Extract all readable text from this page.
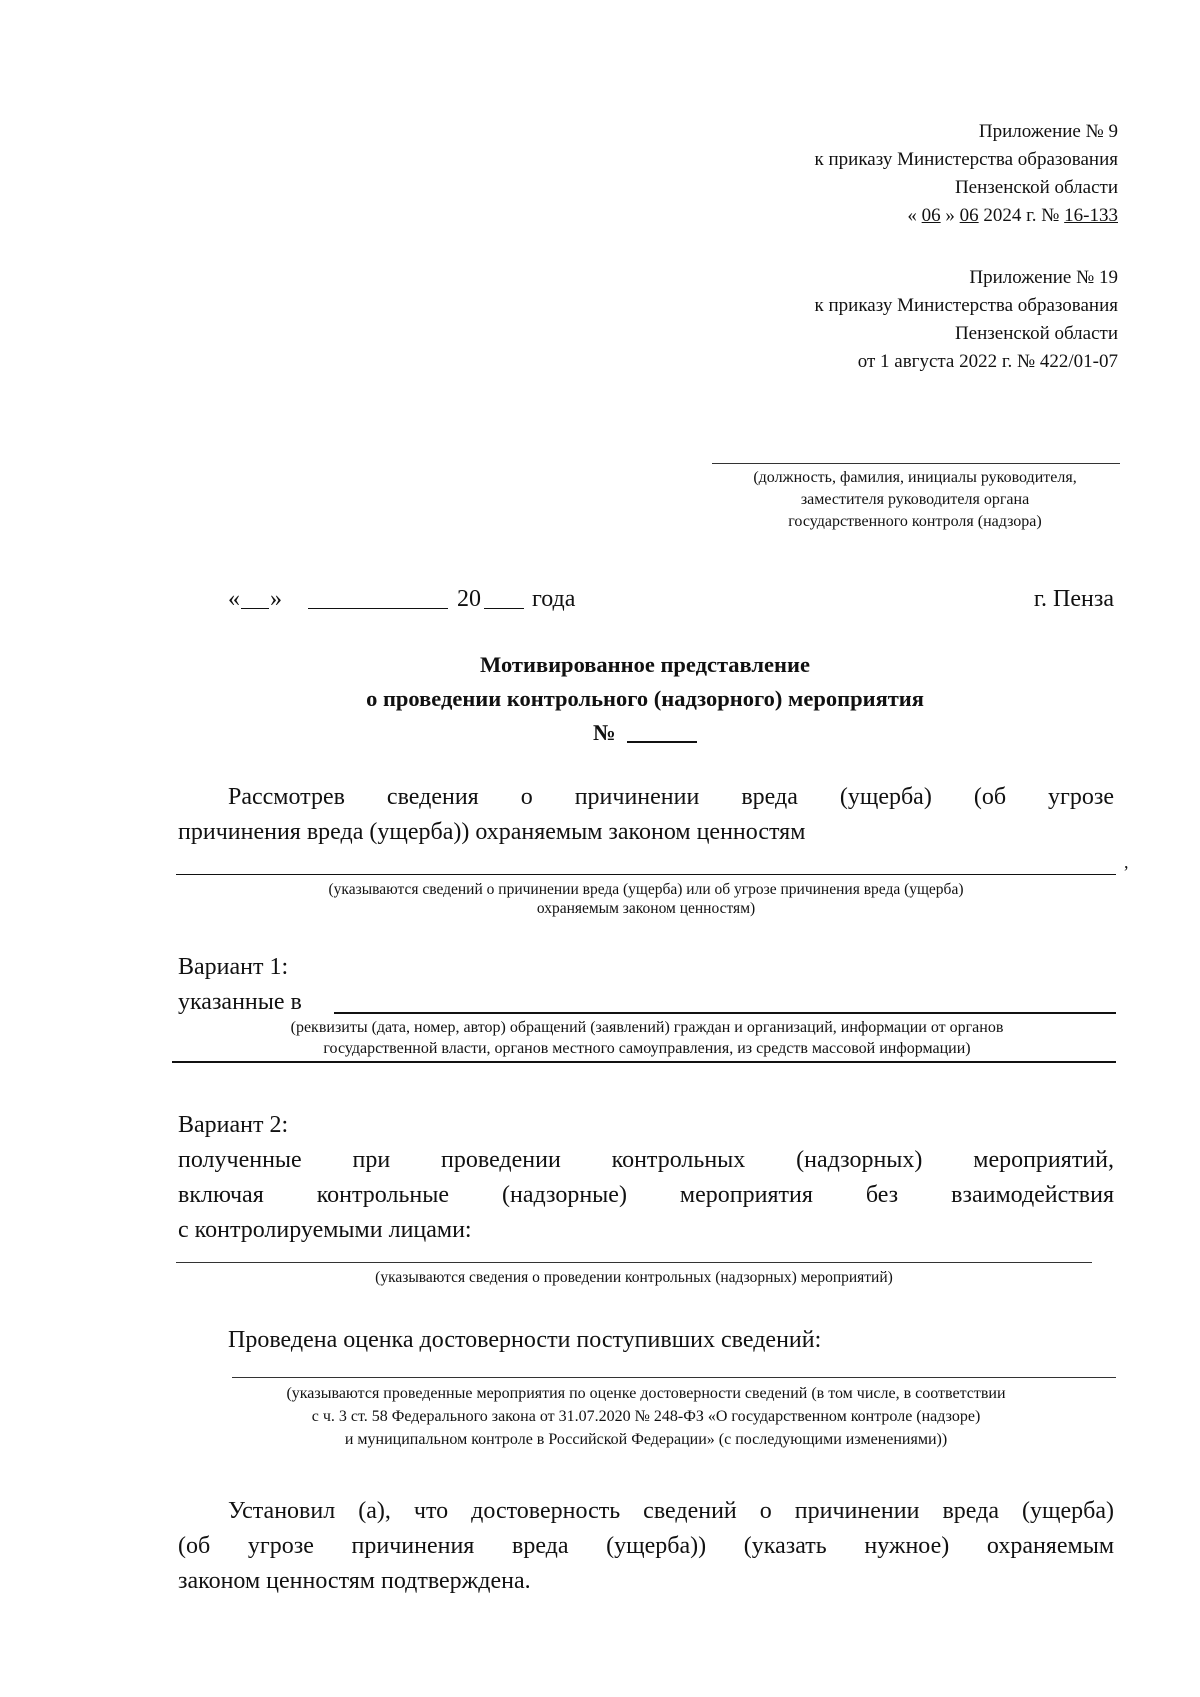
Приложение № 9
к приказу Министерства образования
Пензенской области
« 06 » 06 2024 г. № 16-133
Приложение № 19
к приказу Министерства образования
Пензенской области
от 1 августа 2022 г. № 422/01-07
(должность, фамилия, инициалы руководителя,
заместителя руководителя органа
государственного контроля (надзора)
« »	20 года	г. Пенза
Мотивированное представление
о проведении контрольного (надзорного) мероприятия
№
Рассмотрев сведения о причинении вреда (ущерба) (об угрозе
причинения вреда (ущерба)) охраняемым законом ценностям
,
(указываются сведений о причинении вреда (ущерба) или об угрозе причинения вреда (ущерба)
охраняемым законом ценностям)
Вариант 1:
указанные в
(реквизиты (дата, номер, автор) обращений (заявлений) граждан и организаций, информации от органов
государственной власти, органов местного самоуправления, из средств массовой информации)
Вариант 2:
полученные при проведении контрольных (надзорных) мероприятий,
включая контрольные (надзорные) мероприятия без взаимодействия
с контролируемыми лицами:
(указываются сведения о проведении контрольных (надзорных) мероприятий)
Проведена оценка достоверности поступивших сведений:
(указываются проведенные мероприятия по оценке достоверности сведений (в том числе, в соответствии
с ч. 3 ст. 58 Федерального закона от 31.07.2020 № 248-ФЗ «О государственном контроле (надзоре)
и муниципальном контроле в Российской Федерации» (с последующими изменениями))
Установил (а), что достоверность сведений о причинении вреда (ущерба)
(об угрозе причинения вреда (ущерба)) (указать нужное) охраняемым
законом ценностям подтверждена.
